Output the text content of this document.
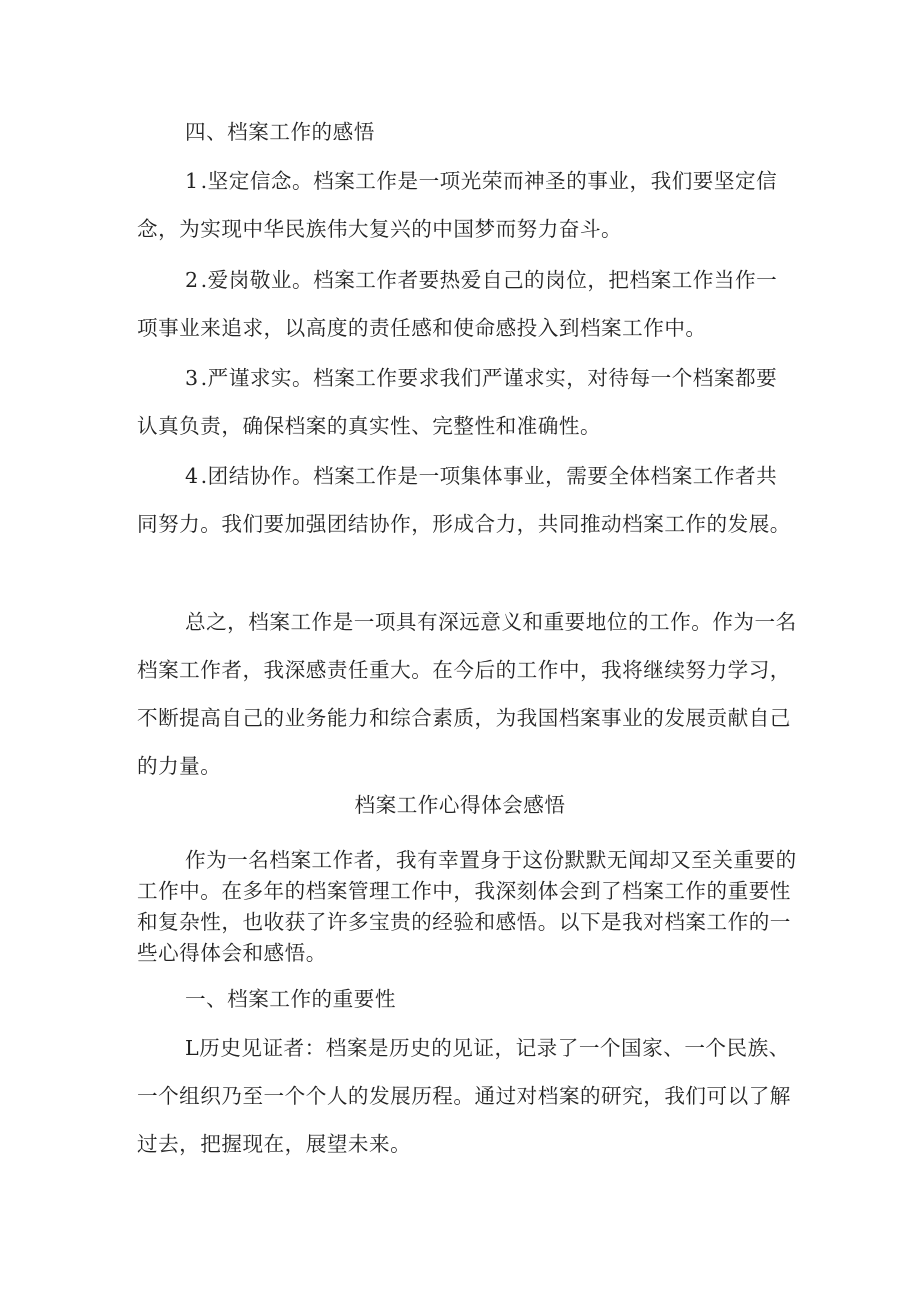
四、档案工作的感悟

1.坚定信念。档案工作是一项光荣而神圣的事业，我们要坚定信念，为实现中华民族伟大复兴的中国梦而努力奋斗。

2.爱岗敬业。档案工作者要热爱自己的岗位，把档案工作当作一项事业来追求，以高度的责任感和使命感投入到档案工作中。

3.严谨求实。档案工作要求我们严谨求实，对待每一个档案都要认真负责，确保档案的真实性、完整性和准确性。

4.团结协作。档案工作是一项集体事业，需要全体档案工作者共同努力。我们要加强团结协作，形成合力，共同推动档案工作的发展。

总之，档案工作是一项具有深远意义和重要地位的工作。作为一名档案工作者，我深感责任重大。在今后的工作中，我将继续努力学习，不断提高自己的业务能力和综合素质，为我国档案事业的发展贡献自己的力量。

档案工作心得体会感悟

作为一名档案工作者，我有幸置身于这份默默无闻却又至关重要的工作中。在多年的档案管理工作中，我深刻体会到了档案工作的重要性和复杂性，也收获了许多宝贵的经验和感悟。以下是我对档案工作的一些心得体会和感悟。

一、档案工作的重要性

L历史见证者：档案是历史的见证，记录了一个国家、一个民族、一个组织乃至一个个人的发展历程。通过对档案的研究，我们可以了解过去，把握现在，展望未来。
